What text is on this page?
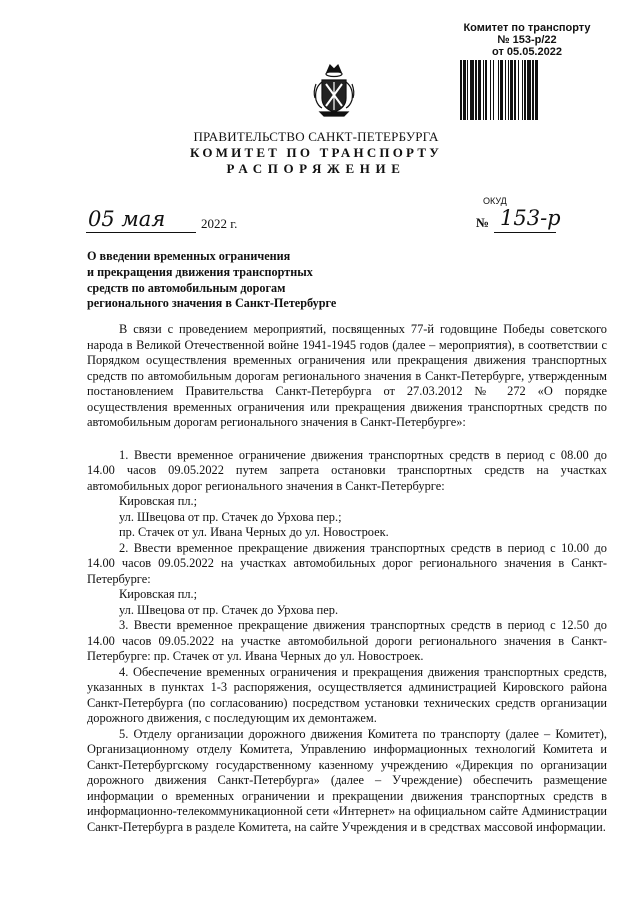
Комитет по транспорту
№ 153-р/22
от 05.05.2022
ПРАВИТЕЛЬСТВО САНКТ-ПЕТЕРБУРГА
КОМИТЕТ ПО ТРАНСПОРТУ
РАСПОРЯЖЕНИЕ
ОКУД
05 мая	2022 г.	№ 153-р
О введении временных ограничения
и прекращения движения транспортных
средств по автомобильным дорогам
регионального значения в Санкт-Петербурге

В связи с проведением мероприятий, посвященных 77-й годовщине Победы советского народа в Великой Отечественной войне 1941-1945 годов (далее – мероприятия), в соответствии с Порядком осуществления временных ограничения или прекращения движения транспортных средств по автомобильным дорогам регионального значения в Санкт-Петербурге, утвержденным постановлением Правительства Санкт-Петербурга от 27.03.2012 № 272 «О порядке осуществления временных ограничения или прекращения движения транспортных средств по автомобильным дорогам регионального значения в Санкт-Петербурге»:

1. Ввести временное ограничение движения транспортных средств в период с 08.00 до 14.00 часов 09.05.2022 путем запрета остановки транспортных средств на участках автомобильных дорог регионального значения в Санкт-Петербурге:

Кировская пл.;

ул. Швецова от пр. Стачек до Урхова пер.;

пр. Стачек от ул. Ивана Черных до ул. Новостроек.

2. Ввести временное прекращение движения транспортных средств в период с 10.00 до 14.00 часов 09.05.2022 на участках автомобильных дорог регионального значения в Санкт-Петербурге:

Кировская пл.;

ул. Швецова от пр. Стачек до Урхова пер.

3. Ввести временное прекращение движения транспортных средств в период с 12.50 до 14.00 часов 09.05.2022 на участке автомобильной дороги регионального значения в Санкт-Петербурге: пр. Стачек от ул. Ивана Черных до ул. Новостроек.

4. Обеспечение временных ограничения и прекращения движения транспортных средств, указанных в пунктах 1-3 распоряжения, осуществляется администрацией Кировского района Санкт-Петербурга (по согласованию) посредством установки технических средств организации дорожного движения, с последующим их демонтажем.

5. Отделу организации дорожного движения Комитета по транспорту (далее – Комитет), Организационному отделу Комитета, Управлению информационных технологий Комитета и Санкт-Петербургскому государственному казенному учреждению «Дирекция по организации дорожного движения Санкт-Петербурга» (далее – Учреждение) обеспечить размещение информации о временных ограничении и прекращении движения транспортных средств в информационно-телекоммуникационной сети «Интернет» на официальном сайте Администрации Санкт-Петербурга в разделе Комитета, на сайте Учреждения и в средствах массовой информации.
